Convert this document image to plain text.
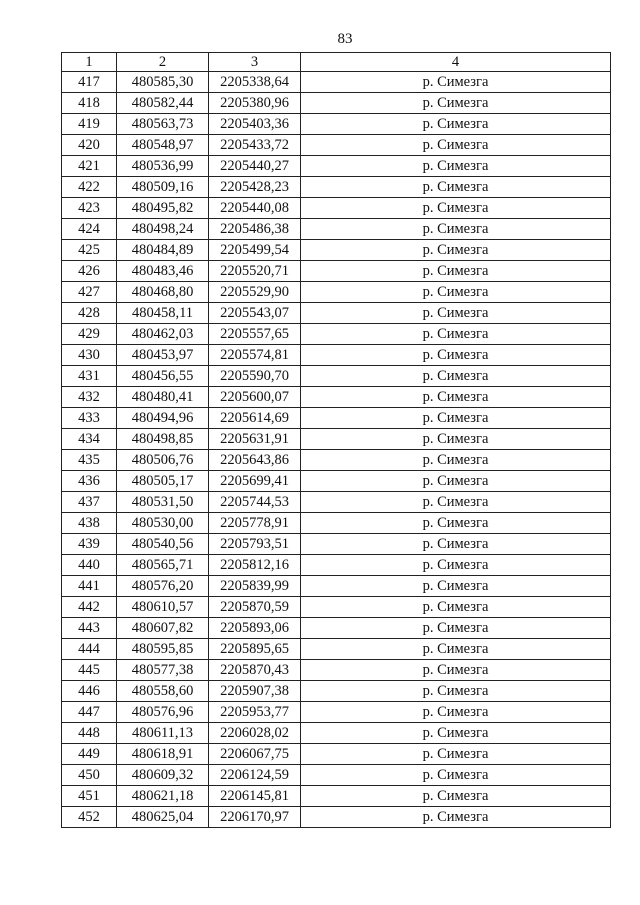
83
1	2	3	4
417	480585,30	2205338,64	р. Симезга
418	480582,44	2205380,96	р. Симезга
419	480563,73	2205403,36	р. Симезга
420	480548,97	2205433,72	р. Симезга
421	480536,99	2205440,27	р. Симезга
422	480509,16	2205428,23	р. Симезга
423	480495,82	2205440,08	р. Симезга
424	480498,24	2205486,38	р. Симезга
425	480484,89	2205499,54	р. Симезга
426	480483,46	2205520,71	р. Симезга
427	480468,80	2205529,90	р. Симезга
428	480458,11	2205543,07	р. Симезга
429	480462,03	2205557,65	р. Симезга
430	480453,97	2205574,81	р. Симезга
431	480456,55	2205590,70	р. Симезга
432	480480,41	2205600,07	р. Симезга
433	480494,96	2205614,69	р. Симезга
434	480498,85	2205631,91	р. Симезга
435	480506,76	2205643,86	р. Симезга
436	480505,17	2205699,41	р. Симезга
437	480531,50	2205744,53	р. Симезга
438	480530,00	2205778,91	р. Симезга
439	480540,56	2205793,51	р. Симезга
440	480565,71	2205812,16	р. Симезга
441	480576,20	2205839,99	р. Симезга
442	480610,57	2205870,59	р. Симезга
443	480607,82	2205893,06	р. Симезга
444	480595,85	2205895,65	р. Симезга
445	480577,38	2205870,43	р. Симезга
446	480558,60	2205907,38	р. Симезга
447	480576,96	2205953,77	р. Симезга
448	480611,13	2206028,02	р. Симезга
449	480618,91	2206067,75	р. Симезга
450	480609,32	2206124,59	р. Симезга
451	480621,18	2206145,81	р. Симезга
452	480625,04	2206170,97	р. Симезга
